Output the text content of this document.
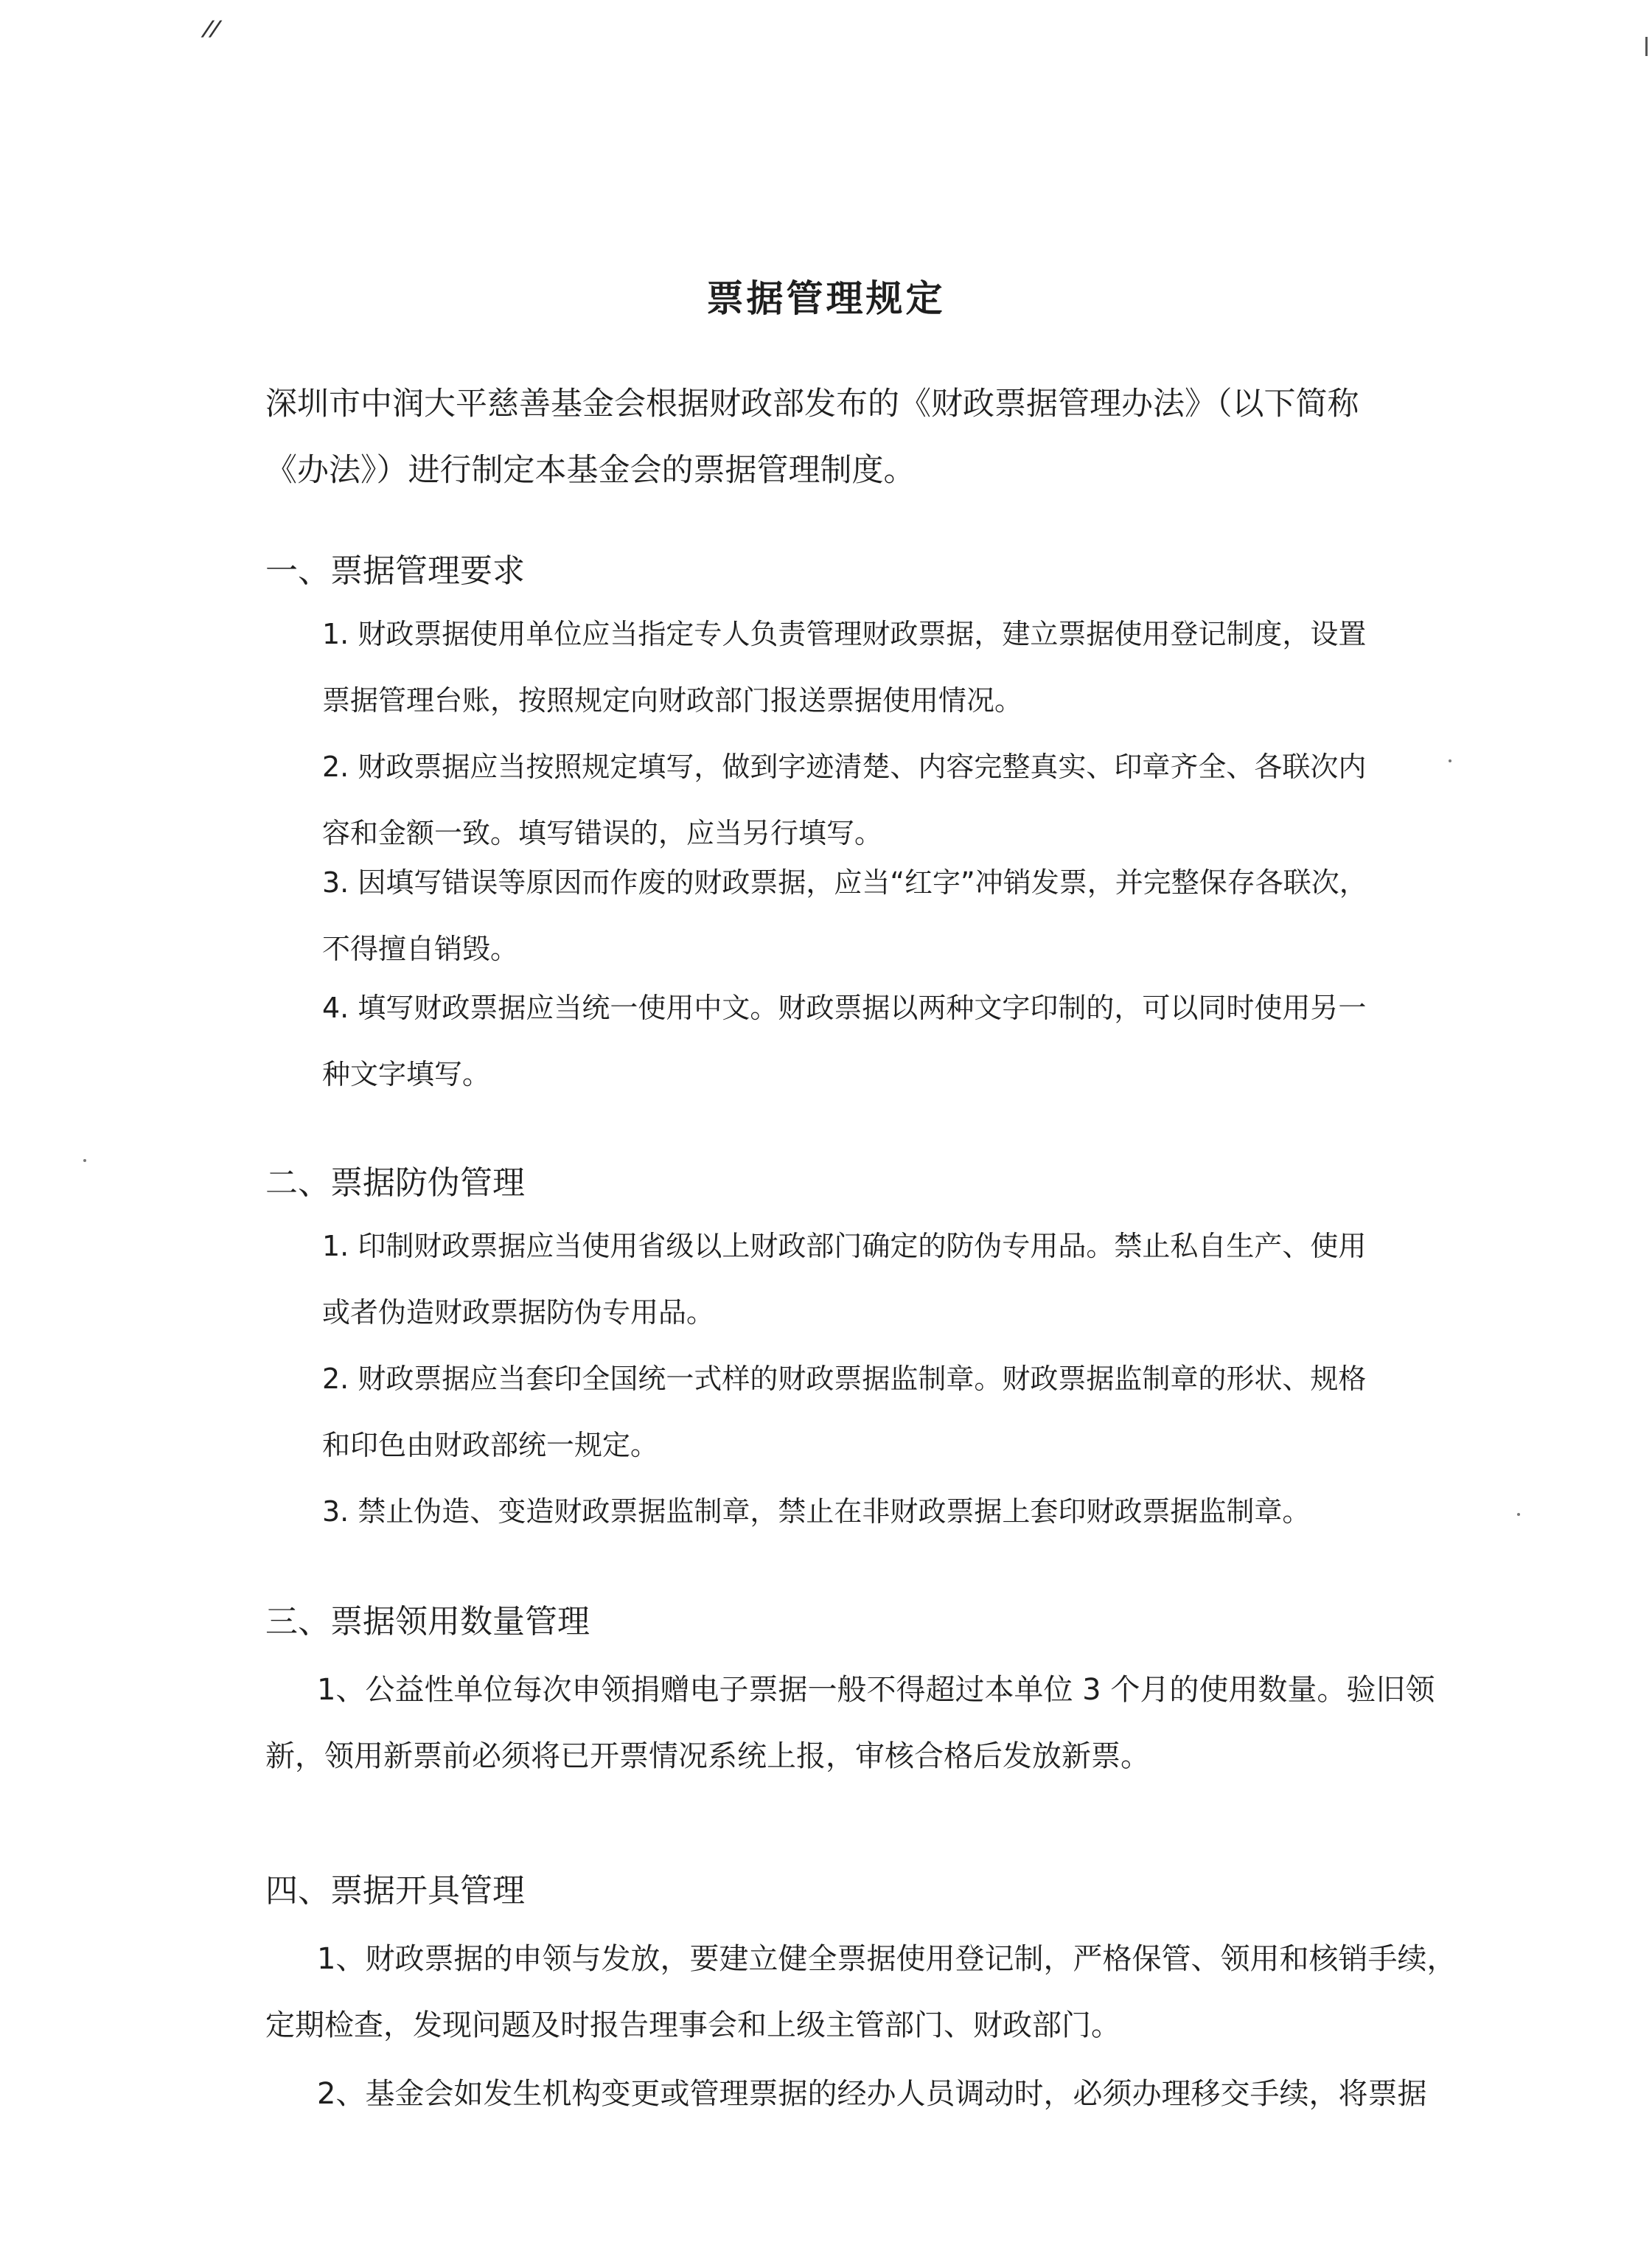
//
票据管理规定
深圳市中润大平慈善基金会根据财政部发布的《财政票据管理办法》（以下简称
《办法》）进行制定本基金会的票据管理制度。
一、票据管理要求
1. 财政票据使用单位应当指定专人负责管理财政票据，建立票据使用登记制度，设置
票据管理台账，按照规定向财政部门报送票据使用情况。
2. 财政票据应当按照规定填写，做到字迹清楚、内容完整真实、印章齐全、各联次内
容和金额一致。填写错误的，应当另行填写。
3. 因填写错误等原因而作废的财政票据，应当“红字”冲销发票，并完整保存各联次，
不得擅自销毁。
4. 填写财政票据应当统一使用中文。财政票据以两种文字印制的，可以同时使用另一
种文字填写。
二、票据防伪管理
1. 印制财政票据应当使用省级以上财政部门确定的防伪专用品。禁止私自生产、使用
或者伪造财政票据防伪专用品。
2. 财政票据应当套印全国统一式样的财政票据监制章。财政票据监制章的形状、规格
和印色由财政部统一规定。
3. 禁止伪造、变造财政票据监制章，禁止在非财政票据上套印财政票据监制章。
三、票据领用数量管理
1、公益性单位每次申领捐赠电子票据一般不得超过本单位 3 个月的使用数量。验旧领
新，领用新票前必须将已开票情况系统上报，审核合格后发放新票。
四、票据开具管理
1、财政票据的申领与发放，要建立健全票据使用登记制，严格保管、领用和核销手续，
定期检查，发现问题及时报告理事会和上级主管部门、财政部门。
2、基金会如发生机构变更或管理票据的经办人员调动时，必须办理移交手续，将票据
